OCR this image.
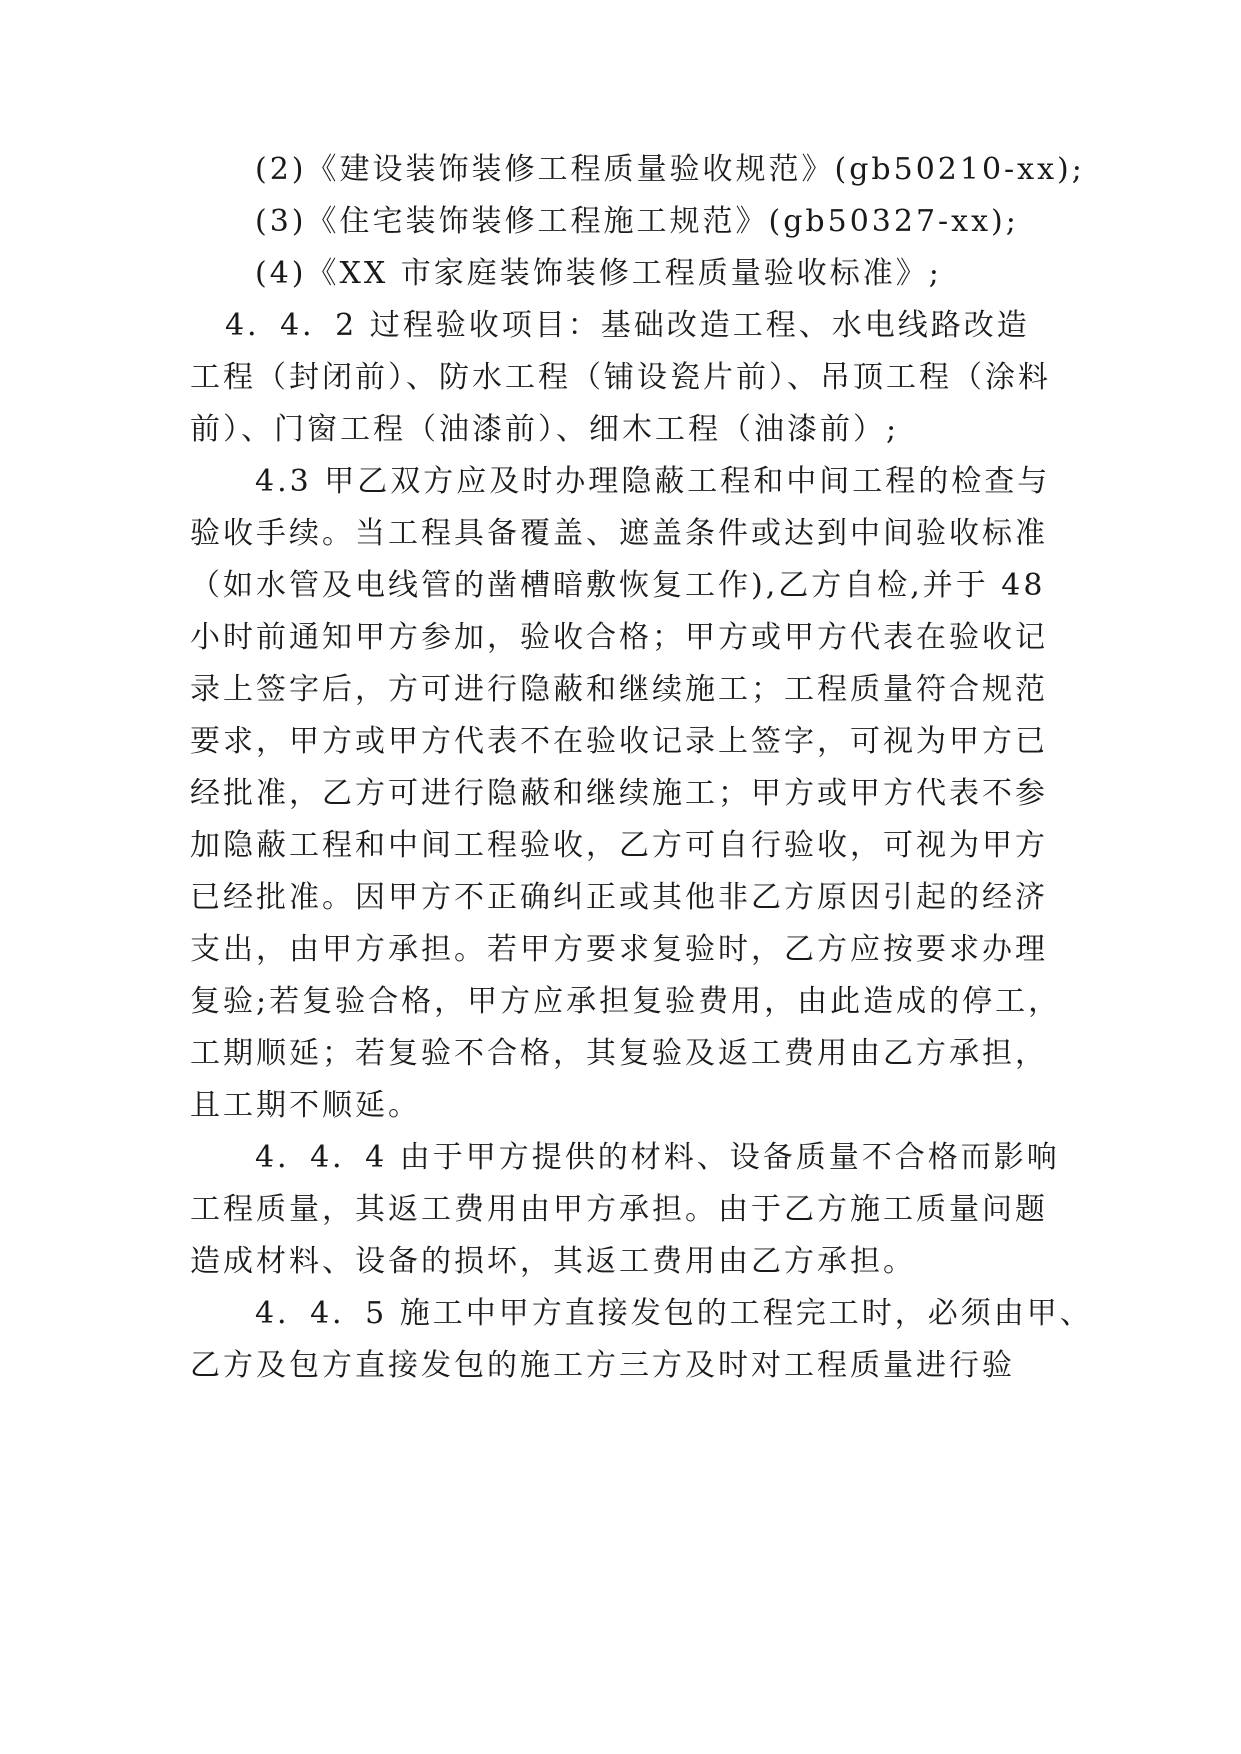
(2)《建设装饰装修工程质量验收规范》(gb50210-xx);
(3)《住宅装饰装修工程施工规范》(gb50327-xx);
(4)《XX 市家庭装饰装修工程质量验收标准》;
4．4．2 过程验收项目：基础改造工程、水电线路改造
工程（封闭前）、防水工程（铺设瓷片前）、吊顶工程（涂料
前）、门窗工程（油漆前）、细木工程（油漆前）;
4.3 甲乙双方应及时办理隐蔽工程和中间工程的检查与
验收手续。当工程具备覆盖、遮盖条件或达到中间验收标准
（如水管及电线管的凿槽暗敷恢复工作),乙方自检,并于 48
小时前通知甲方参加，验收合格；甲方或甲方代表在验收记
录上签字后，方可进行隐蔽和继续施工；工程质量符合规范
要求，甲方或甲方代表不在验收记录上签字，可视为甲方已
经批准，乙方可进行隐蔽和继续施工；甲方或甲方代表不参
加隐蔽工程和中间工程验收，乙方可自行验收，可视为甲方
已经批准。因甲方不正确纠正或其他非乙方原因引起的经济
支出，由甲方承担。若甲方要求复验时，乙方应按要求办理
复验;若复验合格，甲方应承担复验费用，由此造成的停工，
工期顺延；若复验不合格，其复验及返工费用由乙方承担，
且工期不顺延。
4．4．4 由于甲方提供的材料、设备质量不合格而影响
工程质量，其返工费用由甲方承担。由于乙方施工质量问题
造成材料、设备的损坏，其返工费用由乙方承担。
4．4．5 施工中甲方直接发包的工程完工时，必须由甲、
乙方及包方直接发包的施工方三方及时对工程质量进行验
